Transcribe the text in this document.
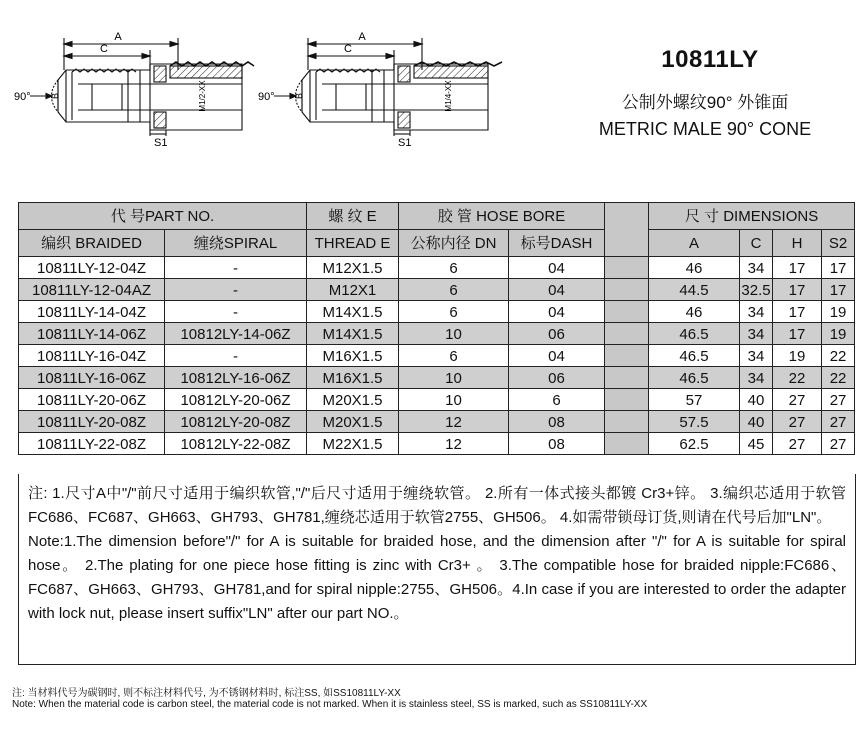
A
C
90° B	M1/2-XX
S1
A
C
90° B	M1/4-XX
S1
10811LY
公制外螺纹90° 外锥面
METRIC MALE 90° CONE
代 号PART NO.		螺 纹 E	胶 管 HOSE BORE			尺 寸 DIMENSIONS			
编织 BRAIDED	缠绕SPIRAL	THREAD E	公称内径 DN	标号DASH		A	C	H	S2
10811LY-12-04Z	-	M12X1.5	6	04		46	34	17	17
10811LY-12-04AZ	-	M12X1	6	04		44.5	32.5	17	17
10811LY-14-04Z	-	M14X1.5	6	04		46	34	17	19
10811LY-14-06Z	10812LY-14-06Z	M14X1.5	10	06		46.5	34	17	19
10811LY-16-04Z	-	M16X1.5	6	04		46.5	34	19	22
10811LY-16-06Z	10812LY-16-06Z	M16X1.5	10	06		46.5	34	22	22
10811LY-20-06Z	10812LY-20-06Z	M20X1.5	10	6		57	40	27	27
10811LY-20-08Z	10812LY-20-08Z	M20X1.5	12	08		57.5	40	27	27
10811LY-22-08Z	10812LY-22-08Z	M22X1.5	12	08		62.5	45	27	27

注: 1.尺寸A中"/"前尺寸适用于编织软管,"/"后尺寸适用于缠绕软管。 2.所有一体式接头都镀 Cr3+锌。 3.编织芯适用于软管FC686、FC687、GH663、GH793、GH781,缠绕芯适用于软管2755、GH506。 4.如需带锁母订货,则请在代号后加"LN"。

Note:1.The dimension before"/" for A is suitable for braided hose, and the dimension after "/" for A is suitable for spiral hose。 2.The plating for one piece hose fitting is zinc with Cr3+ 。 3.The compatible hose for braided nipple:FC686、FC687、GH663、GH793、GH781,and for spiral nipple:2755、GH506。4.In case if you are interested to order the adapter with lock nut, please insert suffix"LN" after our part NO.。

注: 当材料代号为碳钢时, 则不标注材料代号, 为不锈钢材料时, 标注SS, 如SS10811LY-XX
Note: When the material code is carbon steel, the material code is not marked. When it is stainless steel, SS is marked, such as SS10811LY-XX
